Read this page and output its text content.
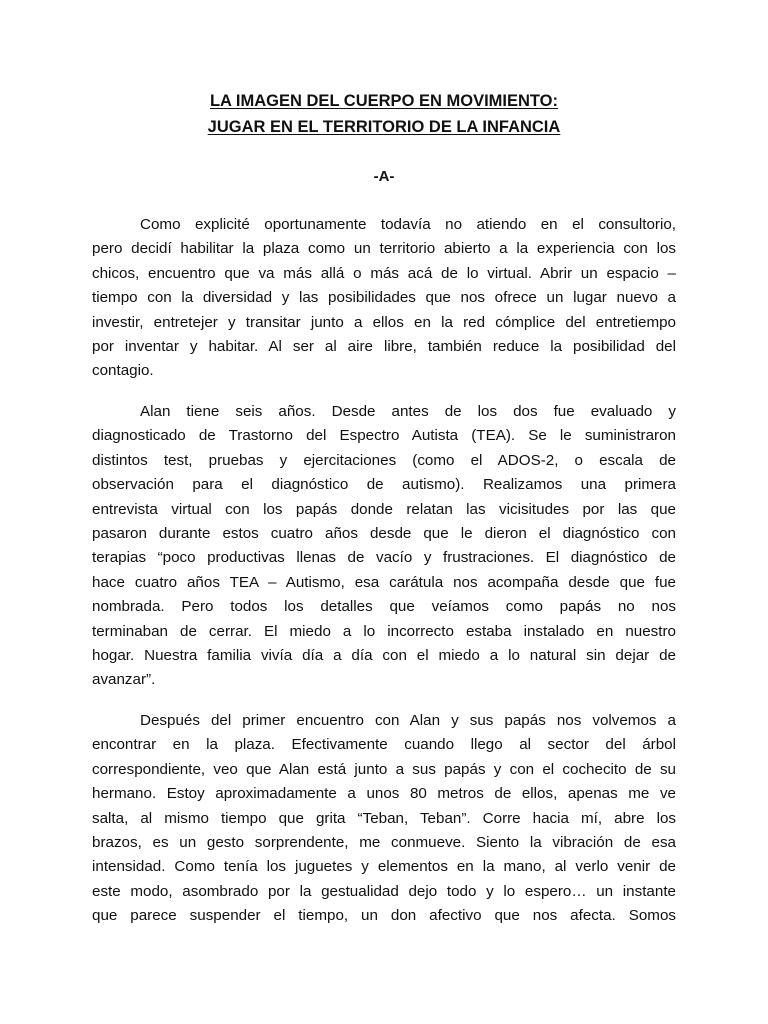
LA IMAGEN DEL CUERPO EN MOVIMIENTO:
JUGAR EN EL TERRITORIO DE LA INFANCIA
-A-
Como explicité oportunamente todavía no atiendo en el consultorio,
pero decidí habilitar la plaza como un territorio abierto a la experiencia con los
chicos, encuentro que va más allá o más acá de lo virtual. Abrir un espacio –
tiempo con la diversidad y las posibilidades que nos ofrece un lugar nuevo a
investir, entretejer y transitar junto a ellos en la red cómplice del entretiempo
por inventar y habitar. Al ser al aire libre, también reduce la posibilidad del
contagio.
Alan tiene seis años. Desde antes de los dos fue evaluado y
diagnosticado de Trastorno del Espectro Autista (TEA). Se le suministraron
distintos test, pruebas y ejercitaciones (como el ADOS-2, o escala de
observación para el diagnóstico de autismo). Realizamos una primera
entrevista virtual con los papás donde relatan las vicisitudes por las que
pasaron durante estos cuatro años desde que le dieron el diagnóstico con
terapias “poco productivas llenas de vacío y frustraciones. El diagnóstico de
hace cuatro años TEA – Autismo, esa carátula nos acompaña desde que fue
nombrada. Pero todos los detalles que veíamos como papás no nos
terminaban de cerrar. El miedo a lo incorrecto estaba instalado en nuestro
hogar. Nuestra familia vivía día a día con el miedo a lo natural sin dejar de
avanzar”.
Después del primer encuentro con Alan y sus papás nos volvemos a
encontrar en la plaza. Efectivamente cuando llego al sector del árbol
correspondiente, veo que Alan está junto a sus papás y con el cochecito de su
hermano. Estoy aproximadamente a unos 80 metros de ellos, apenas me ve
salta, al mismo tiempo que grita “Teban, Teban”. Corre hacia mí, abre los
brazos, es un gesto sorprendente, me conmueve. Siento la vibración de esa
intensidad. Como tenía los juguetes y elementos en la mano, al verlo venir de
este modo, asombrado por la gestualidad dejo todo y lo espero… un instante
que parece suspender el tiempo, un don afectivo que nos afecta. Somos
